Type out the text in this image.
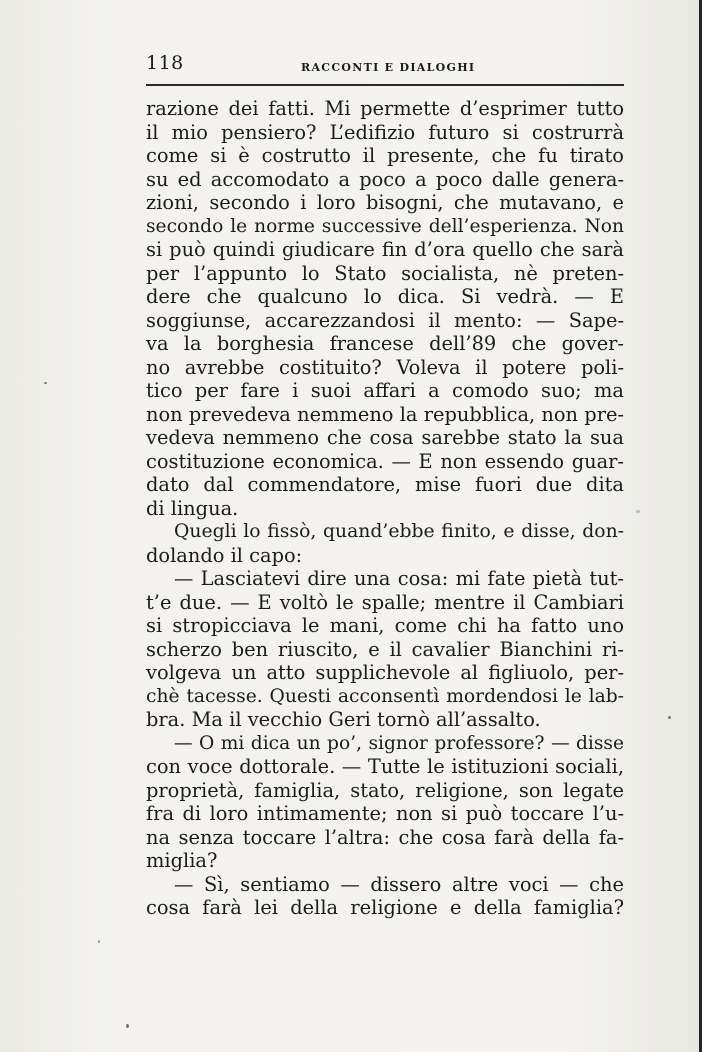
118	RACCONTI E DIALOGHI
razione dei fatti. Mi permette d’esprimer tutto
il mio pensiero? L’edifizio futuro si costrurrà
come si è costrutto il presente, che fu tirato
su ed accomodato a poco a poco dalle genera-
zioni, secondo i loro bisogni, che mutavano, e
secondo le norme successive dell’esperienza. Non
si può quindi giudicare fin d’ora quello che sarà
per l’appunto lo Stato socialista, nè preten-
dere che qualcuno lo dica. Si vedrà. — E
soggiunse, accarezzandosi il mento: — Sape-
va la borghesia francese dell’89 che gover-
no avrebbe costituito? Voleva il potere poli-
tico per fare i suoi affari a comodo suo; ma
non prevedeva nemmeno la repubblica, non pre-
vedeva nemmeno che cosa sarebbe stato la sua
costituzione economica. — E non essendo guar-
dato dal commendatore, mise fuori due dita
di lingua.
Quegli lo fissò, quand’ebbe finito, e disse, don-
dolando il capo:
— Lasciatevi dire una cosa: mi fate pietà tut-
t’e due. — E voltò le spalle; mentre il Cambiari
si stropicciava le mani, come chi ha fatto uno
scherzo ben riuscito, e il cavalier Bianchini ri-
volgeva un atto supplichevole al figliuolo, per-
chè tacesse. Questi acconsentì mordendosi le lab-
bra. Ma il vecchio Geri tornò all’assalto.
— O mi dica un po’, signor professore? — disse
con voce dottorale. — Tutte le istituzioni sociali,
proprietà, famiglia, stato, religione, son legate
fra di loro intimamente; non si può toccare l’u-
na senza toccare l’altra: che cosa farà della fa-
miglia?
— Sì, sentiamo — dissero altre voci — che
cosa farà lei della religione e della famiglia?
